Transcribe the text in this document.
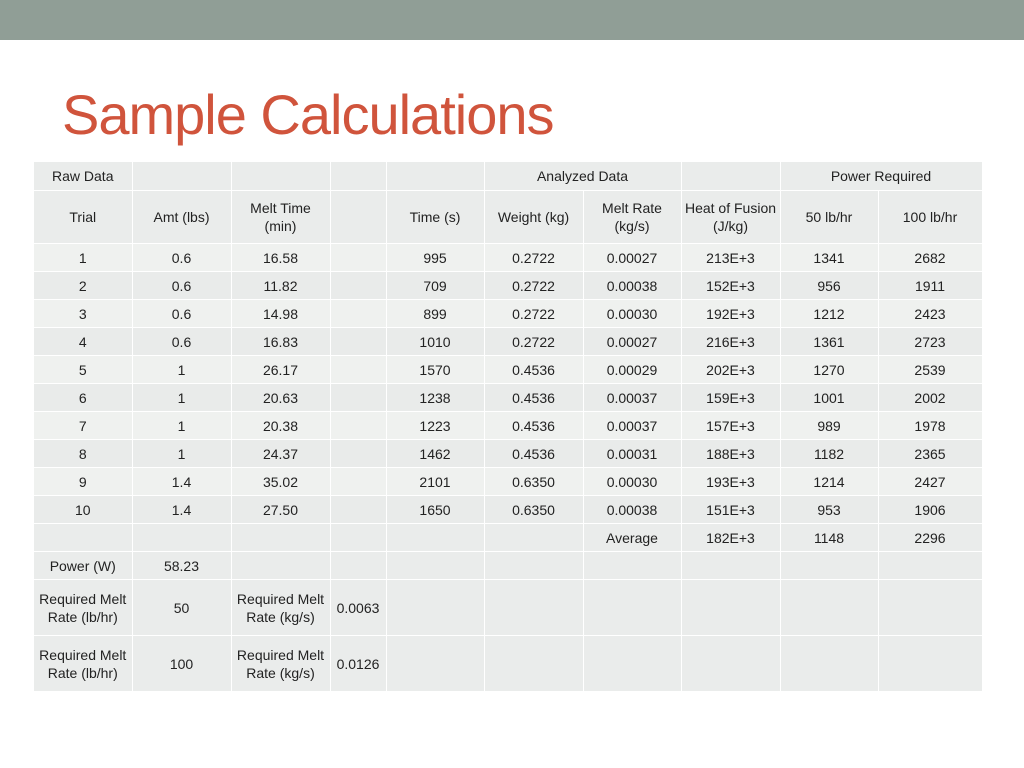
Sample Calculations
Raw Data					Analyzed Data			Power Required	
Trial	Amt (lbs)	Melt Time (min)		Time (s)	Weight (kg)	Melt Rate (kg/s)	Heat of Fusion (J/kg)	50 lb/hr	100 lb/hr
1	0.6	16.58		995	0.2722	0.00027	213E+3	1341	2682
2	0.6	11.82		709	0.2722	0.00038	152E+3	956	1911
3	0.6	14.98		899	0.2722	0.00030	192E+3	1212	2423
4	0.6	16.83		1010	0.2722	0.00027	216E+3	1361	2723
5	1	26.17		1570	0.4536	0.00029	202E+3	1270	2539
6	1	20.63		1238	0.4536	0.00037	159E+3	1001	2002
7	1	20.38		1223	0.4536	0.00037	157E+3	989	1978
8	1	24.37		1462	0.4536	0.00031	188E+3	1182	2365
9	1.4	35.02		2101	0.6350	0.00030	193E+3	1214	2427
10	1.4	27.50		1650	0.6350	0.00038	151E+3	953	1906
						Average	182E+3	1148	2296
Power (W)	58.23								
Required Melt Rate (lb/hr)	50	Required Melt Rate (kg/s)	0.0063						
Required Melt Rate (lb/hr)	100	Required Melt Rate (kg/s)	0.0126						
